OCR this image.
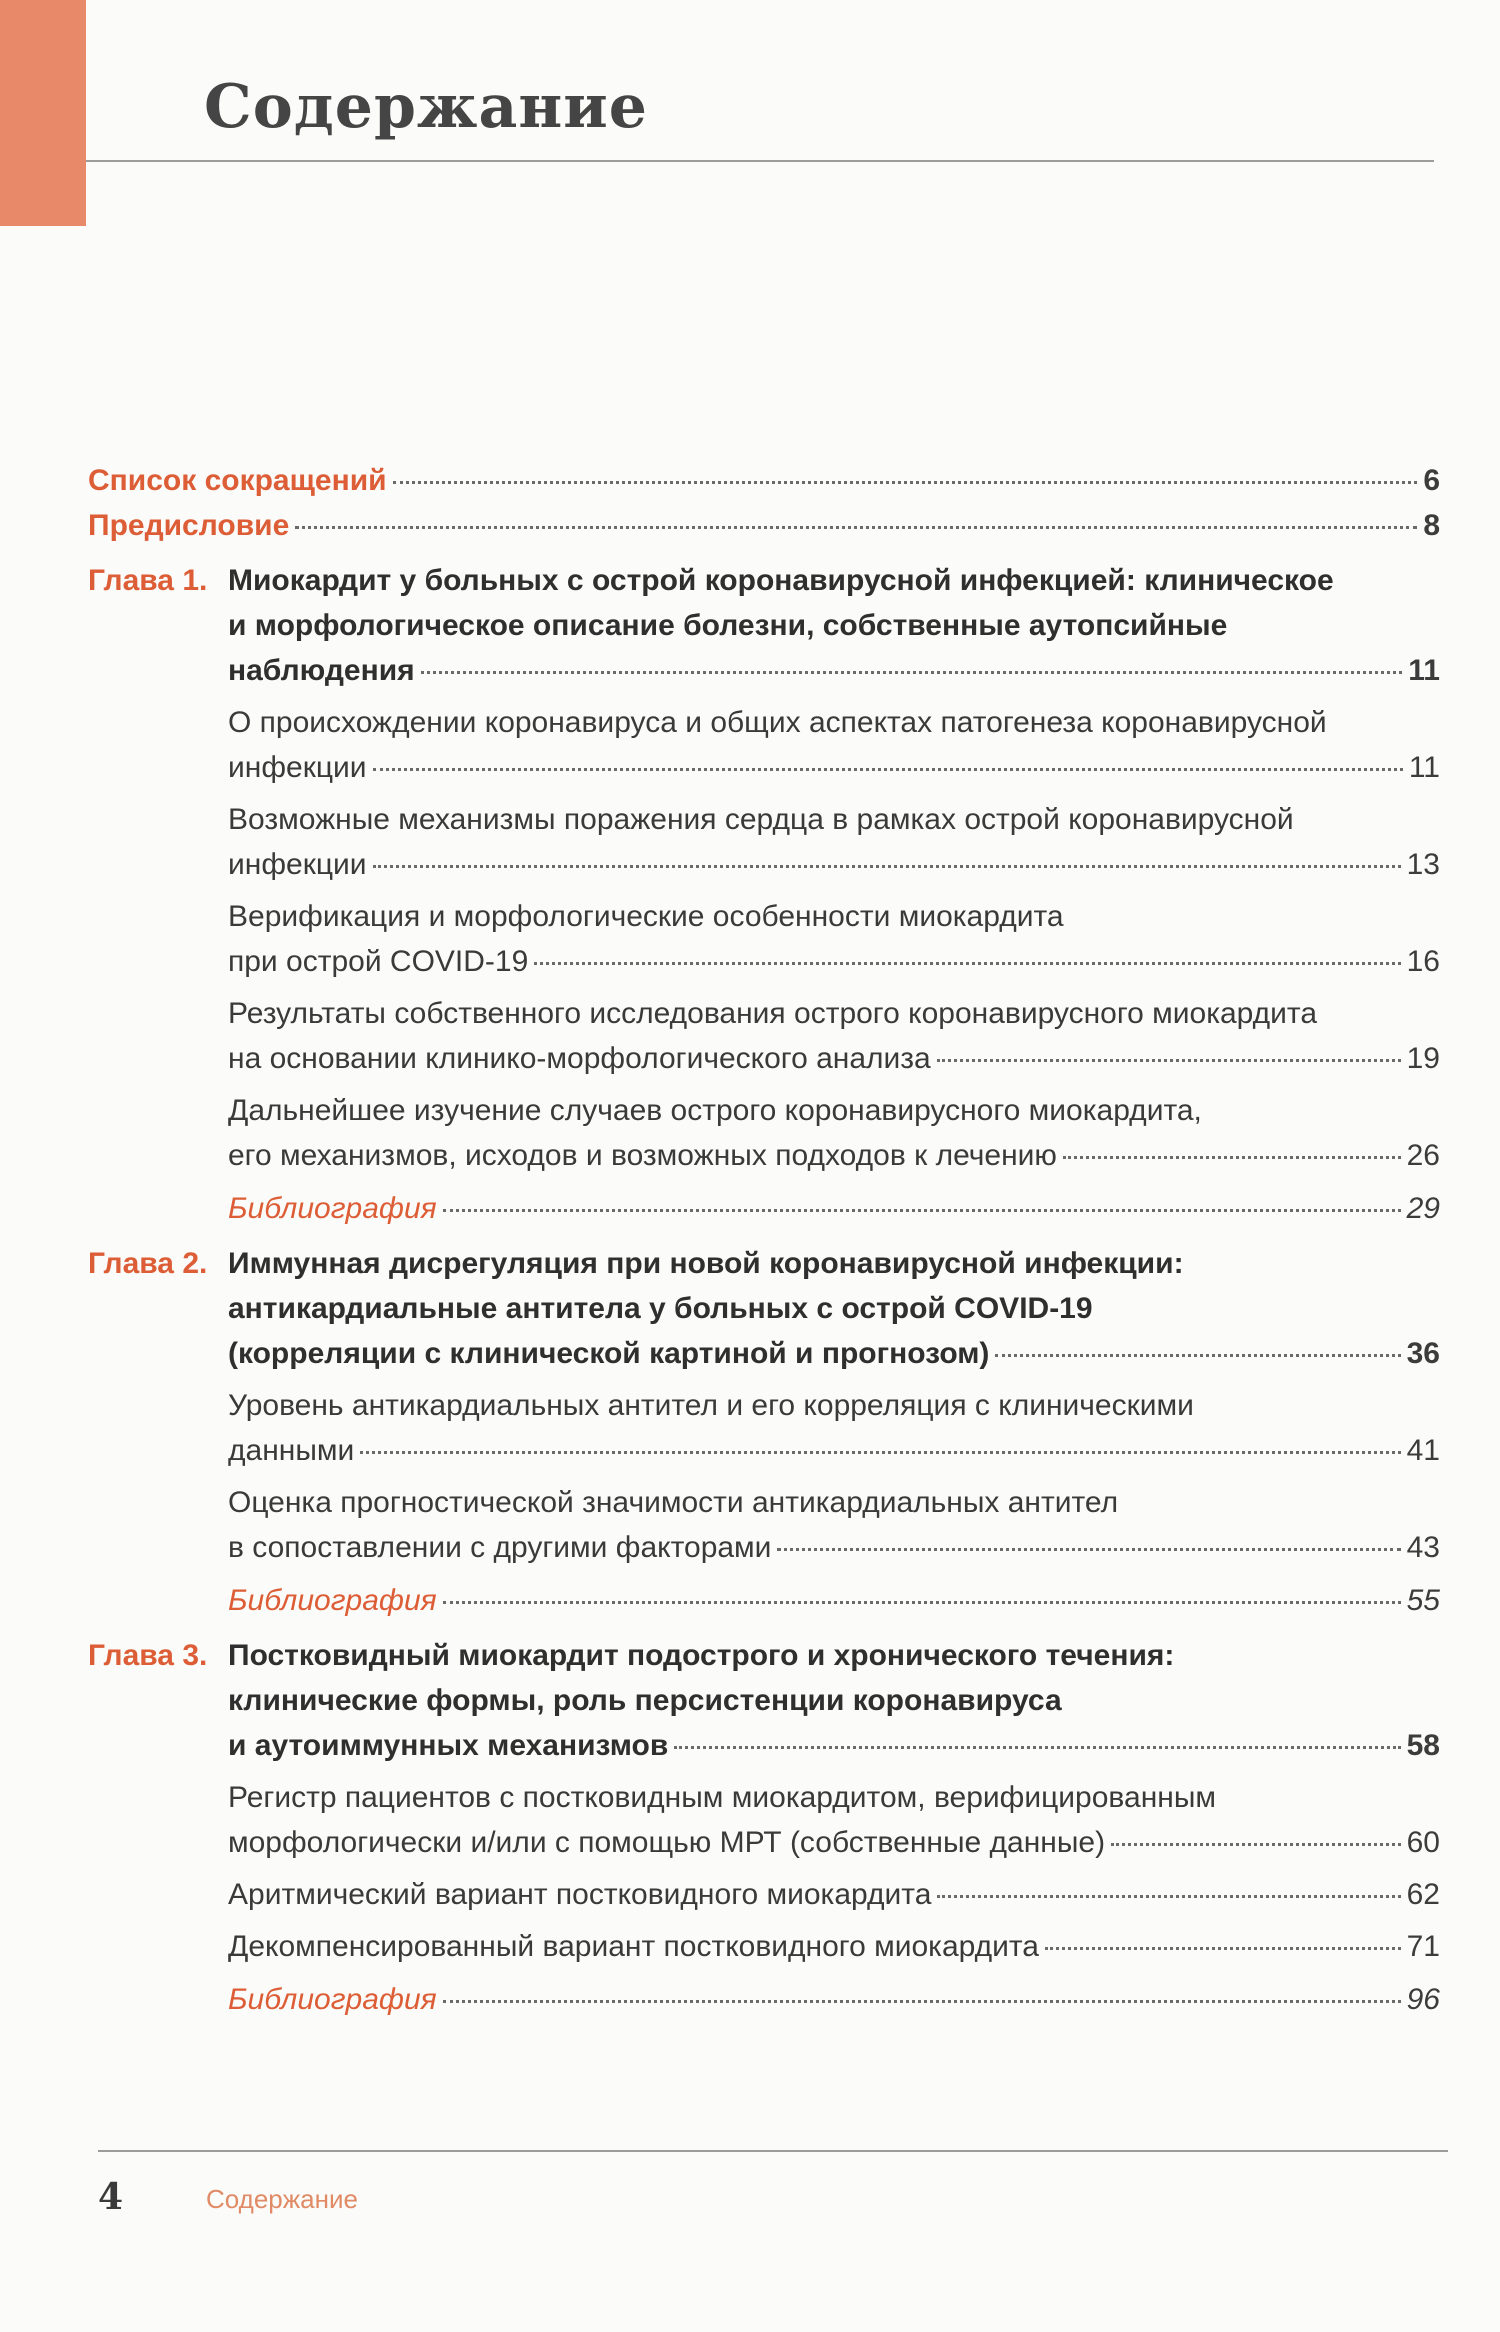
Содержание
Список сокращений	6
Предисловие	8
Глава 1. Миокардит у больных с острой коронавирусной инфекцией: клиническое
и морфологическое описание болезни, собственные аутопсийные
наблюдения	11
О происхождении коронавируса и общих аспектах патогенеза коронавирусной
инфекции	11
Возможные механизмы поражения сердца в рамках острой коронавирусной
инфекции	13
Верификация и морфологические особенности миокардита
при острой COVID-19	16
Результаты собственного исследования острого коронавирусного миокардита
на основании клинико-морфологического анализа	19
Дальнейшее изучение случаев острого коронавирусного миокардита,
его механизмов, исходов и возможных подходов к лечению	26
Библиография	29
Глава 2. Иммунная дисрегуляция при новой коронавирусной инфекции:
антикардиальные антитела у больных с острой COVID-19
(корреляции с клинической картиной и прогнозом)	36
Уровень антикардиальных антител и его корреляция с клиническими
данными	41
Оценка прогностической значимости антикардиальных антител
в сопоставлении с другими факторами	43
Библиография	55
Глава 3. Постковидный миокардит подострого и хронического течения:
клинические формы, роль персистенции коронавируса
и аутоиммунных механизмов	58
Регистр пациентов с постковидным миокардитом, верифицированным
морфологически и/или с помощью МРТ (собственные данные)	60
Аритмический вариант постковидного миокардита	62
Декомпенсированный вариант постковидного миокардита	71
Библиография	96
4	Содержание
